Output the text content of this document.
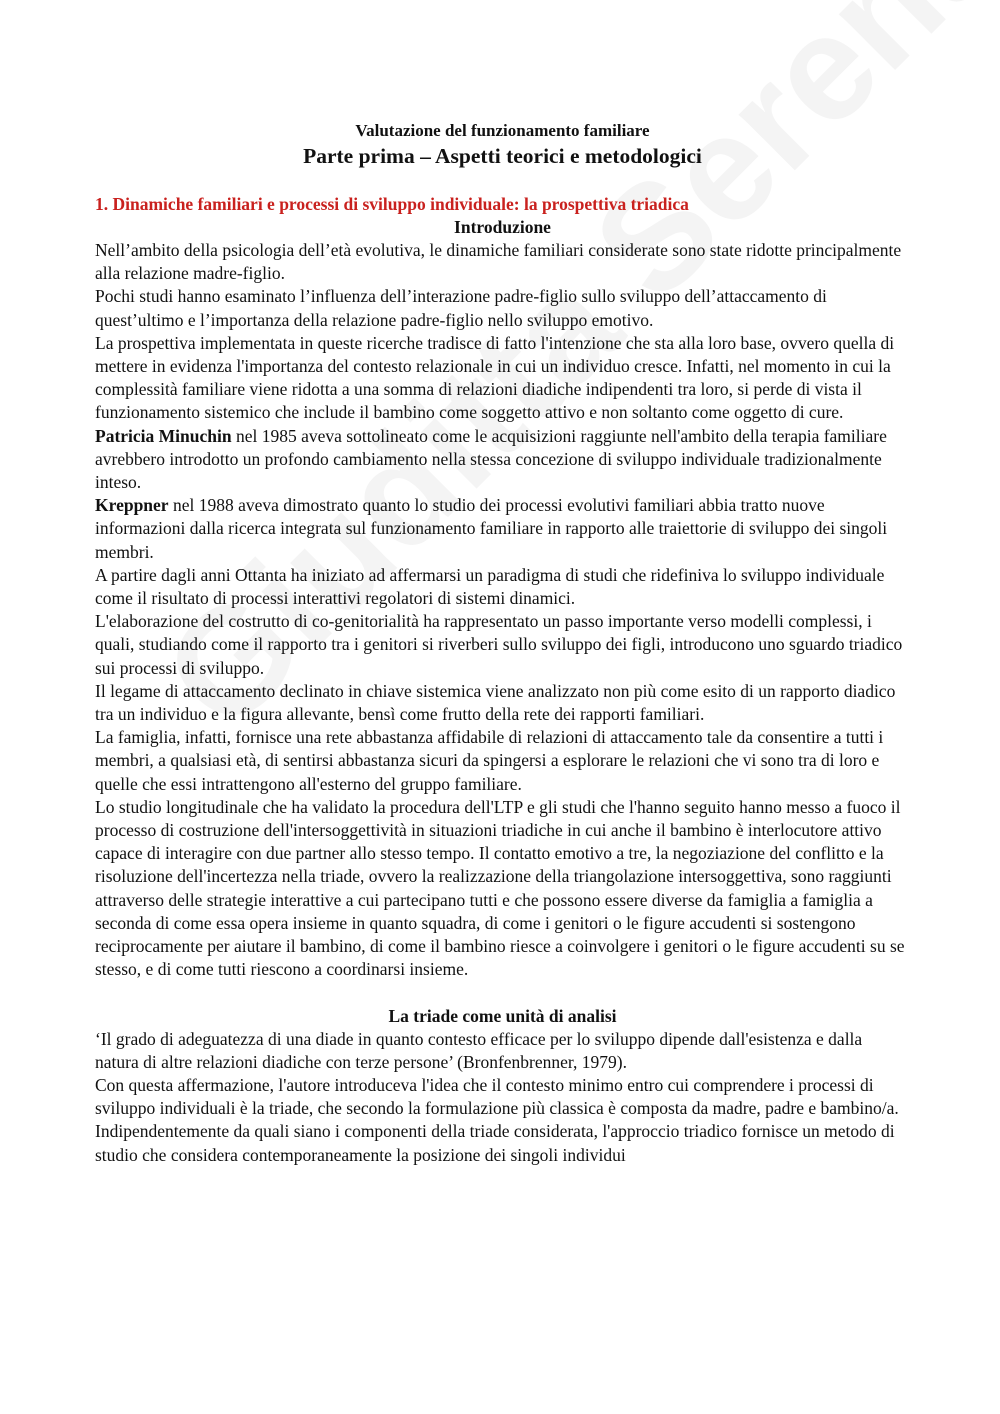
Valutazione del funzionamento familiare
Parte prima – Aspetti teorici e metodologici
1. Dinamiche familiari e processi di sviluppo individuale: la prospettiva triadica
Introduzione

Nell’ambito della psicologia dell’età evolutiva, le dinamiche familiari considerate sono state ridotte principalmente alla relazione madre-figlio.

Pochi studi hanno esaminato l’influenza dell’interazione padre-figlio sullo sviluppo dell’attaccamento di quest’ultimo e l’importanza della relazione padre-figlio nello sviluppo emotivo.

La prospettiva implementata in queste ricerche tradisce di fatto l'intenzione che sta alla loro base, ovvero quella di mettere in evidenza l'importanza del contesto relazionale in cui un individuo cresce. Infatti, nel momento in cui la complessità familiare viene ridotta a una somma di relazioni diadiche indipendenti tra loro, si perde di vista il funzionamento sistemico che include il bambino come soggetto attivo e non soltanto come oggetto di cure.

Patricia Minuchin nel 1985 aveva sottolineato come le acquisizioni raggiunte nell'ambito della terapia familiare avrebbero introdotto un profondo cambiamento nella stessa concezione di sviluppo individuale tradizionalmente inteso.

Kreppner nel 1988 aveva dimostrato quanto lo studio dei processi evolutivi familiari abbia tratto nuove informazioni dalla ricerca integrata sul funzionamento familiare in rapporto alle traiettorie di sviluppo dei singoli membri.

A partire dagli anni Ottanta ha iniziato ad affermarsi un paradigma di studi che ridefiniva lo sviluppo individuale come il risultato di processi interattivi regolatori di sistemi dinamici.

L'elaborazione del costrutto di co-genitorialità ha rappresentato un passo importante verso modelli complessi, i quali, studiando come il rapporto tra i genitori si riverberi sullo sviluppo dei figli, introducono uno sguardo triadico sui processi di sviluppo.

Il legame di attaccamento declinato in chiave sistemica viene analizzato non più come esito di un rapporto diadico tra un individuo e la figura allevante, bensì come frutto della rete dei rapporti familiari.

La famiglia, infatti, fornisce una rete abbastanza affidabile di relazioni di attaccamento tale da consentire a tutti i membri, a qualsiasi età, di sentirsi abbastanza sicuri da spingersi a esplorare le relazioni che vi sono tra di loro e quelle che essi intrattengono all'esterno del gruppo familiare.

Lo studio longitudinale che ha validato la procedura dell'LTP e gli studi che l'hanno seguito hanno messo a fuoco il processo di costruzione dell'intersoggettività in situazioni triadiche in cui anche il bambino è interlocutore attivo capace di interagire con due partner allo stesso tempo. Il contatto emotivo a tre, la negoziazione del conflitto e la risoluzione dell'incertezza nella triade, ovvero la realizzazione della triangolazione intersoggettiva, sono raggiunti attraverso delle strategie interattive a cui partecipano tutti e che possono essere diverse da famiglia a famiglia a seconda di come essa opera insieme in quanto squadra, di come i genitori o le figure accudenti si sostengono reciprocamente per aiutare il bambino, di come il bambino riesce a coinvolgere i genitori o le figure accudenti su se stesso, e di come tutti riescono a coordinarsi insieme.

La triade come unità di analisi

‘Il grado di adeguatezza di una diade in quanto contesto efficace per lo sviluppo dipende dall'esistenza e dalla natura di altre relazioni diadiche con terze persone’ (Bronfenbrenner, 1979).

Con questa affermazione, l'autore introduceva l'idea che il contesto minimo entro cui comprendere i processi di sviluppo individuali è la triade, che secondo la formulazione più classica è composta da madre, padre e bambino/a.

Indipendentemente da quali siano i componenti della triade considerata, l'approccio triadico fornisce un metodo di studio che considera contemporaneamente la posizione dei singoli individui
